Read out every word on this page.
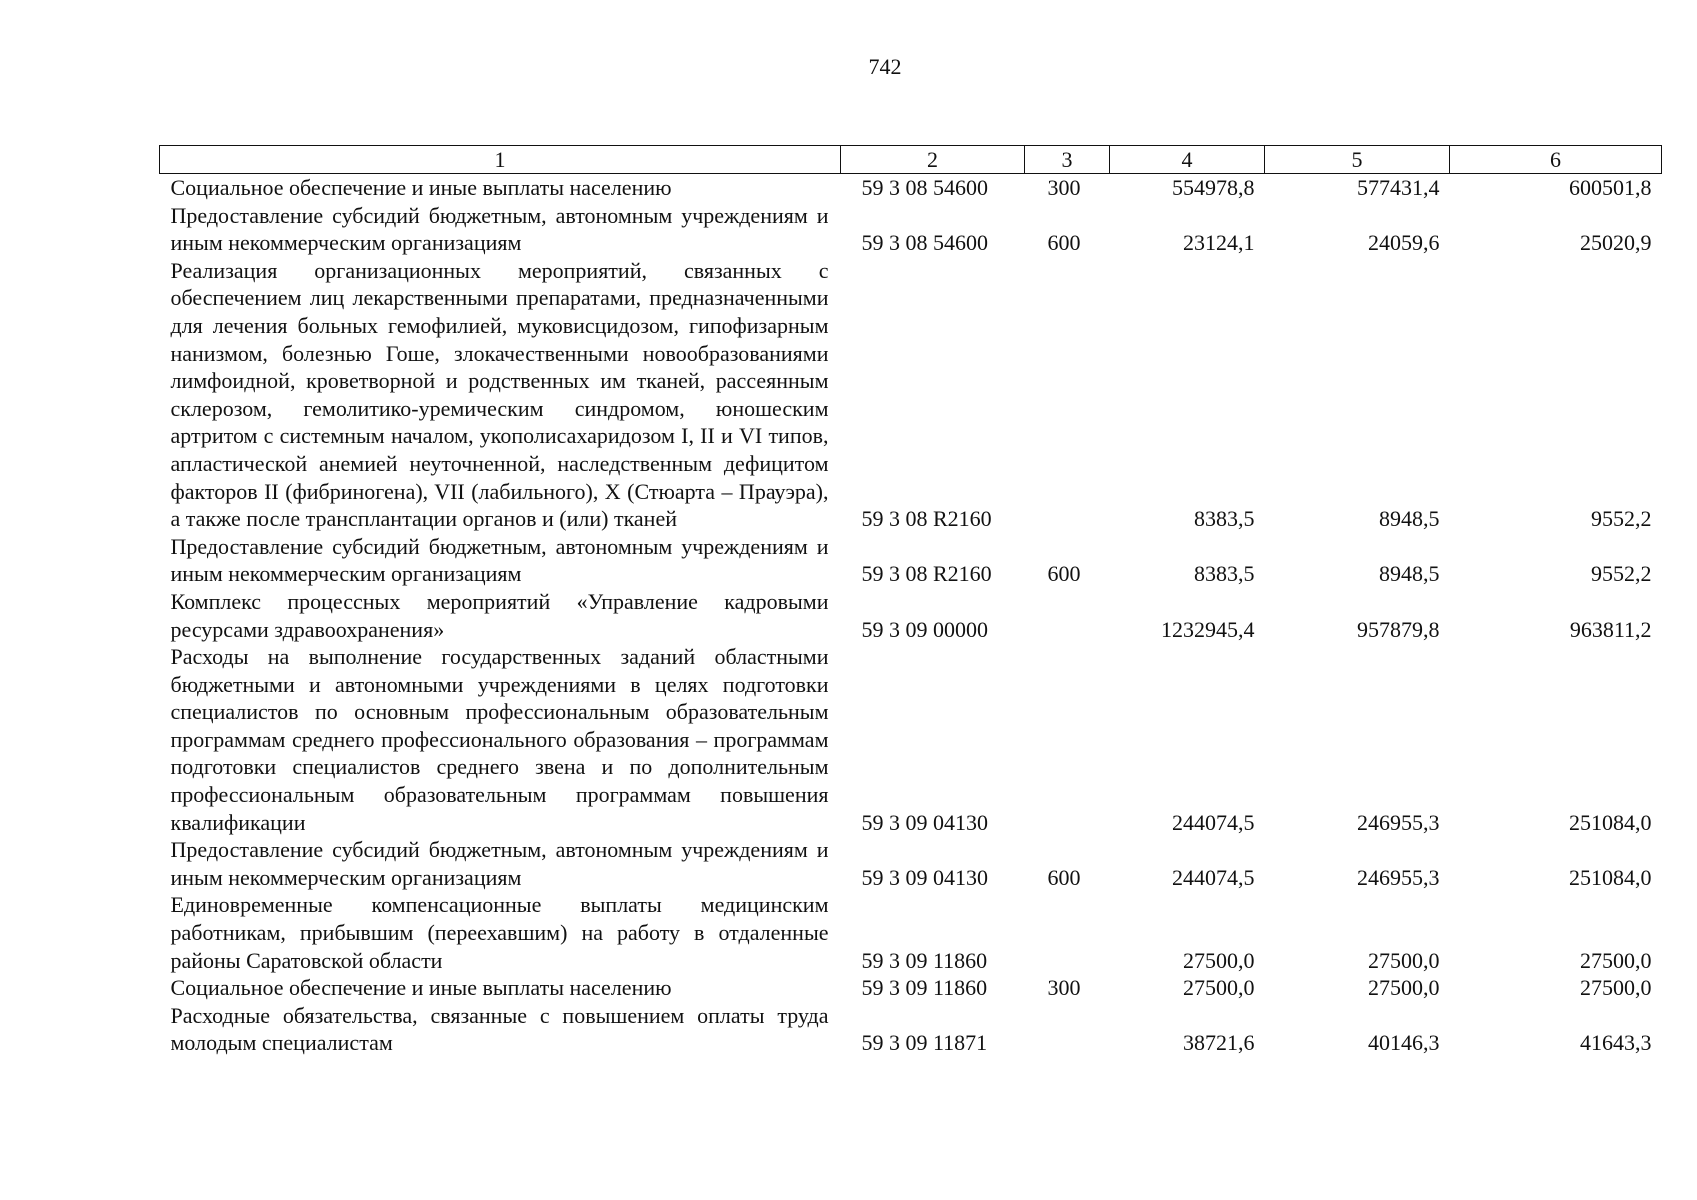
742
1	2	3	4	5	6
Социальное обеспечение и иные выплаты населению	59 3 08 54600	300	554978,8	577431,4	600501,8
Предоставление субсидий бюджетным, автономным учреждениям и иным некоммерческим организациям	59 3 08 54600	600	23124,1	24059,6	25020,9
Реализация организационных мероприятий, связанных с обеспечением лиц лекарственными препаратами, предназначенными для лечения больных гемофилией, муковисцидозом, гипофизарным нанизмом, болезнью Гоше, злокачественными новообразованиями лимфоидной, кроветворной и родственных им тканей, рассеянным склерозом, гемолитико-уремическим синдромом, юношеским артритом с системным началом, укополисахаридозом I, II и VI типов, апластической анемией неуточненной, наследственным дефицитом факторов II (фибриногена), VII (лабильного), X (Стюарта – Прауэра), а также после трансплантации органов и (или) тканей	59 3 08 R2160		8383,5	8948,5	9552,2
Предоставление субсидий бюджетным, автономным учреждениям и иным некоммерческим организациям	59 3 08 R2160	600	8383,5	8948,5	9552,2
Комплекс процессных мероприятий «Управление кадровыми ресурсами здравоохранения»	59 3 09 00000		1232945,4	957879,8	963811,2
Расходы на выполнение государственных заданий областными бюджетными и автономными учреждениями в целях подготовки специалистов по основным профессиональным образовательным программам среднего профессионального образования – программам подготовки специалистов среднего звена и по дополнительным профессиональным образовательным программам повышения квалификации	59 3 09 04130		244074,5	246955,3	251084,0
Предоставление субсидий бюджетным, автономным учреждениям и иным некоммерческим организациям	59 3 09 04130	600	244074,5	246955,3	251084,0
Единовременные компенсационные выплаты медицинским работникам, прибывшим (переехавшим) на работу в отдаленные районы Саратовской области	59 3 09 11860		27500,0	27500,0	27500,0
Социальное обеспечение и иные выплаты населению	59 3 09 11860	300	27500,0	27500,0	27500,0
Расходные обязательства, связанные с повышением оплаты труда молодым специалистам	59 3 09 11871		38721,6	40146,3	41643,3
